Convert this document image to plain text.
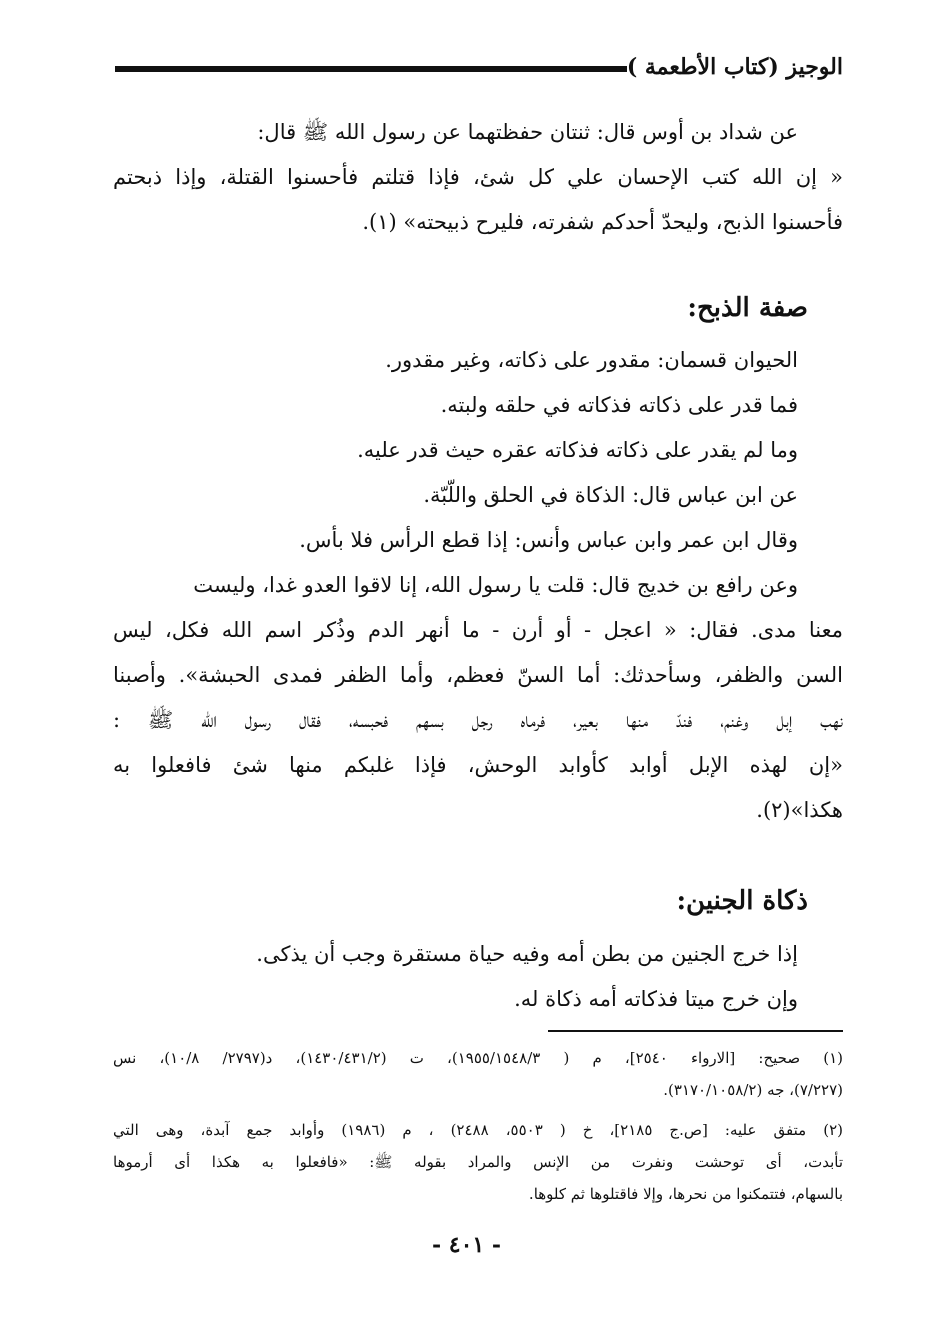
الوجيز (كتاب الأطعمة )
عن شداد بن أوس قال: ثنتان حفظتهما عن رسول الله ﷺ قال:
« إن الله كتب الإحسان علي كل شئ، فإذا قتلتم فأحسنوا القتلة، وإذا ذبحتم
فأحسنوا الذبح، وليحدّ أحدكم شفرته، فليرح ذبيحته» (١).
صفة الذبح:
الحيوان قسمان: مقدور على ذكاته، وغير مقدور.
فما قدر على ذكاته فذكاته في حلقه ولبته.
وما لم يقدر على ذكاته فذكاته عقره حيث قدر عليه.
عن ابن عباس قال: الذكاة في الحلق واللّبّة.
وقال ابن عمر وابن عباس وأنس: إذا قطع الرأس فلا بأس.
وعن رافع بن خديج قال: قلت يا رسول الله، إنا لاقوا العدو غدا، وليست
معنا مدى. فقال: « اعجل - أو أرن - ما أنهر الدم وذُكر اسم الله فكل، ليس
السن والظفر، وسأحدثك: أما السنّ فعظم، وأما الظفر فمدى الحبشة». وأصبنا
نهب إبل وغنم، فندّ منها بعير، فرماه رجل بسهم فحبسه، فقال رسول الله ﷺ :
«إن لهذه الإبل أوابد كأوابد الوحش، فإذا غلبكم منها شئ فافعلوا به
هكذا»(٢).
ذكاة الجنين:
إذا خرج الجنين من بطن أمه وفيه حياة مستقرة وجب أن يذكى.
وإن خرج ميتا فذكاته أمه ذكاة له.
(١) صحيح: [الارواء ٢٥٤٠]، م ( ١٩٥٥/١٥٤٨/٣)، ت (١٤٣٠/٤٣١/٢)، د(٢٧٩٧/ ١٠/٨)، نس
(٧/٢٢٧)، جه (٣١٧٠/١٠٥٨/٢).
(٢) متفق عليه: [ص.ج ٢١٨٥]، خ ( ٥٥٠٣، ٢٤٨٨) ، م (١٩٨٦) وأوابد جمع آبدة، وهى التي
تأبدت، أى توحشت ونفرت من الإنس والمراد بقوله ﷺ: «فافعلوا به هكذا أى أرموها
بالسهام، فتتمكنوا من نحرها، وإلا فاقتلوها ثم كلوها.
- ٤٠١ -
